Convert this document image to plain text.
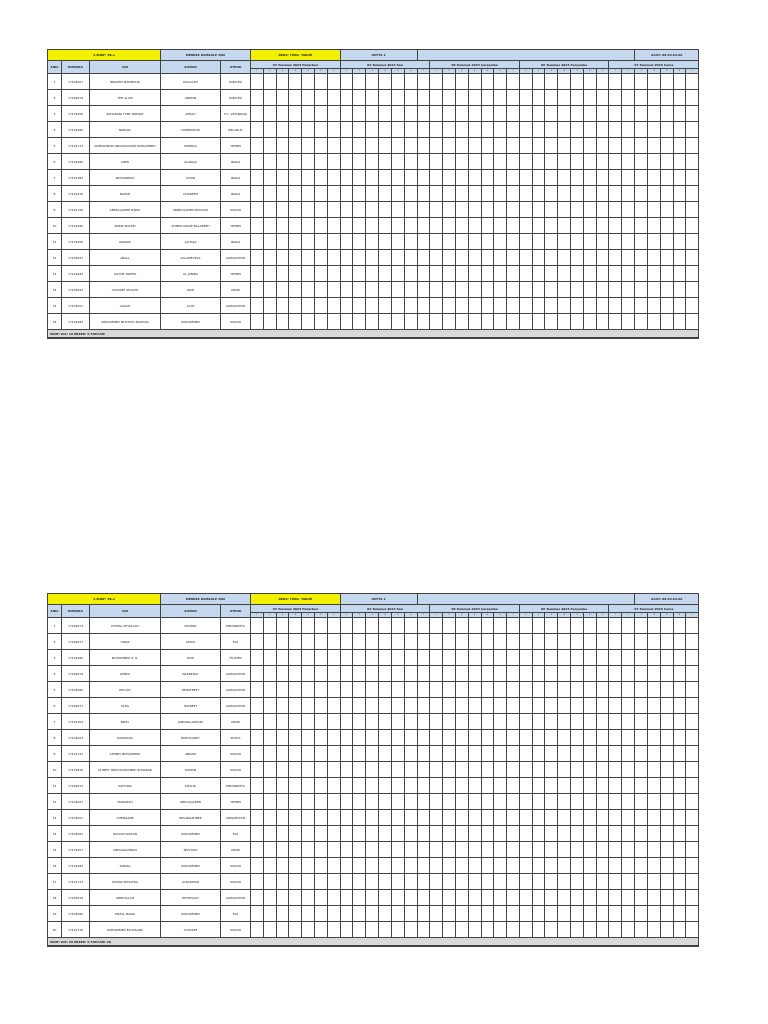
3.SINIF: 3B-1			MERKEZ KUMKALE ANA		DERS: TÜRK. TARİHİ							HAFTA 1																							KAST: 08.03.04.06				
SIRA	NUMARA	ADI	SOYADI	UYRUK	03 Temmuz 2023 Pazartesi							04 Temmuz 2023 Salı							05 Temmuz 2023 Çarşamba							06 Temmuz 2023 Perşembe							07 Temmuz 2023 Cuma						
					1	2	3	4	5	6	7	1	2	3	4	5	6	7	1	2	3	4	5	6	7	1	2	3	4	5	6	7	1	2	3	4	5	6	7
1	77102001	İBRAHİM MAHMOUD	KHALILEH	SURİYELİ																																			
2	77102079	THE ALAM	AMMAN	SURİYELİ																																			
3	77101955	ZAHARANI TYEB TREWAT	AFRAH	T.C. VATANDAŞI																																			
4	77101980	NARHAL	HAMEDRIOR	BELARUS																																			
5	77102113	ANFRAHMAN ABOUZAKHAM MOHAMMED	OMERAA	YEMEN																																			
6	77101980	AHED	ALARAJA	IRAKLI																																			
7	77101384	MOHAMMAD	AYDIN	IRAKLI																																			
8	77101970	NAZAR	ALTAREEH	IRAKLI																																			
9	77101720	ABDELQADER BAKRI	ABDELQADER MUSTAFA	SUDAN																																			
10	77101990	BABIR MALEM	AHMED NAZIR BALAREEH	YEMEN																																			
11	77101955	NAWAN	ALHAIJA	IRAKLI																																			
12	77102047	ABALL	SALAMEYEVA	KAZAKİSTAN																																			
13	77101944	ALHAM TAWFIK	AL-JANIBA	YEMEN																																			
14	77102043	YOUSSEF KHALED	ZIAD	MISIR																																			
15	77102051	ALIKAR	ALAP	KAZAKİSTAN																																			
16	77101984	MOHAMMED MUSTAFA MASHAD	MOHAMMED	SUDAN																																			
SINIF: KIZ: 16 ERKEK: 0 TOPLAM																																							
3.SINIF: 3B-2			MERKEZ KUMKALE ANA		DERS: TÜRK. TARİHİ							HAFTA 1																							KAST: 08.03.04.06				
SIRA	NUMARA	ADI	SOYADI	UYRUK	03 Temmuz 2023 Pazartesi							04 Temmuz 2023 Salı							05 Temmuz 2023 Çarşamba							06 Temmuz 2023 Perşembe							07 Temmuz 2023 Cuma						
					1	2	3	4	5	6	7	1	2	3	4	5	6	7	1	2	3	4	5	6	7	1	2	3	4	5	6	7	1	2	3	4	5	6	7
1	77102074	FATIMA ATHOLLAH	MUMIPA	ENDONEZYA																																			
2	77102077	OMAR	AKDIA	FAS																																			
3	77101980	MOHAMMED A. R.	RAIE	FİLİSTİN																																			
4	77102079	GENDL	NAZREDAY	KAZAKİSTAN																																			
5	77102080	HELCOY	KEMATREEY	KAZAKİSTAN																																			
6	77102071	OLEG	HATREEY	KAZAKİSTAN																																			
7	77101354	BMAY	JANOSKLANDARI	MISIR																																			
8	77102023	RAMADAN	BURHAADEY	RUSYA																																			
9	77101741	AHMED MOHAMMED	ABDAM	SUDAN																																			
10	77101870	HUMPIT ISMCHOUMAMED ELMARAB	OSMAN	SUDAN																																			
11	77102072	SAFIYINA	KHALID	ENDONEZYA																																			
12	77102021	MUBARAH	ABDULQADER	YEMEN																																			
13	77102051	CHENGANE	BEGIZIAZUBEK	KIRGIZİSTAN																																			
14	77102081	ZAYANI HASSAN	MOHAMMED	FAS																																			
15	77101957	ABDULRAHMAN	MUSTAFA	MISIR																																			
16	77101984	TARAKL	MOHAMMED	SUDAN																																			
17	77101713	MUTAZ MUSAFRA	ALRAHMAN	SUDAN																																			
18	77102019	ABDHALLAH	ZHYRTAALY	KAZAKİSTAN																																			
19	77102080	FAIZAL BAKRI	MOHAMMED	FAS																																			
20	77101770	MOHAMMED ELHUSAINI	YOUSSEF	SUDAN																																			
SINIF: KIZ: 20 ERKEK: 0 TOPLAM: 20																																							
